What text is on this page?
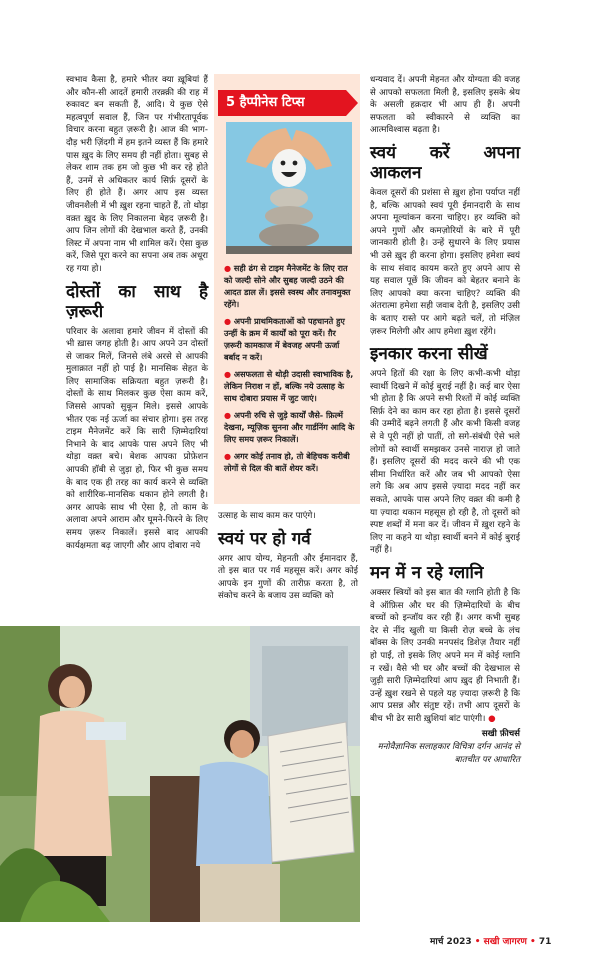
स्वभाव कैसा है, हमारे भीतर क्या ख़ूबियां हैं और कौन-सी आदतें हमारी तरक़्क़ी की राह में रुकावट बन सकती हैं, आदि। ये कुछ ऐसे महत्वपूर्ण सवाल हैं, जिन पर गंभीरतापूर्वक विचार करना बहुत ज़रूरी है। आज की भाग-दौड़ भरी ज़िंदगी में हम इतने व्यस्त हैं कि हमारे पास ख़ुद के लिए समय ही नहीं होता। सुबह से लेकर शाम तक हम जो कुछ भी कर रहे होते हैं, उनमें से अधिकतर कार्य सिर्फ़ दूसरों के लिए ही होते हैं। अगर आप इस व्यस्त जीवनशैली में भी ख़ुश रहना चाहते हैं, तो थोड़ा वक़्त ख़ुद के लिए निकालना बेहद ज़रूरी है। आप जिन लोगों की देखभाल करते हैं, उनकी लिस्ट में अपना नाम भी शामिल करें। ऐसा कुछ करें, जिसे पूरा करने का सपना अब तक अधूरा रह गया हो।

दोस्तों का साथ है ज़रूरी

परिवार के अलावा हमारे जीवन में दोस्तों की भी ख़ास जगह होती है। आप अपने उन दोस्तों से जाकर मिलें, जिनसे लंबे अरसे से आपकी मुलाक़ात नहीं हो पाई है। मानसिक सेहत के लिए सामाजिक सक्रियता बहुत ज़रूरी है। दोस्तों के साथ मिलकर कुछ ऐसा काम करें, जिससे आपको सुकून मिले। इससे आपके भीतर एक नई ऊर्जा का संचार होगा। इस तरह टाइम मैनेजमेंट करें कि सारी ज़िम्मेदारियां निभाने के बाद आपके पास अपने लिए भी थोड़ा वक़्त बचे। बेशक आपका प्रोफ़ेशन आपकी हॉबी से जुड़ा हो, फिर भी कुछ समय के बाद एक ही तरह का कार्य करने से व्यक्ति को शारीरिक-मानसिक थकान होने लगती है। अगर आपके साथ भी ऐसा है, तो काम के अलावा अपने आराम और घूमने-फिरने के लिए समय ज़रूर निकालें। इससे बाद आपकी कार्यक्षमता बढ़ जाएगी और आप दोबारा नये

5 हैप्पीनेस टिप्स
● सही ढंग से टाइम मैनेजमेंट के लिए रात को जल्दी सोने और सुबह जल्दी उठने की आदत डाल लें। इससे स्वस्थ और तनावमुक्त रहेंगे।
● अपनी प्राथमिकताओं को पहचानते हुए उन्हीं के क्रम में कार्यों को पूरा करें। ग़ैर ज़रूरी कामकाज में बेवजह अपनी ऊर्जा बर्बाद न करें।
● असफलता से थोड़ी उदासी स्वाभाविक है, लेकिन निराश न हों, बल्कि नये उत्साह के साथ दोबारा प्रयास में जुट जाएं।
● अपनी रुचि से जुड़े कार्यों जैसे- फ़िल्में देखना, म्यूज़िक सुनना और गार्डनिंग आदि के लिए समय ज़रूर निकालें।
● अगर कोई तनाव हो, तो बेहिचक करीबी लोगों से दिल की बातें शेयर करें।

उत्साह के साथ काम कर पाएंगे।

स्वयं पर हो गर्व

अगर आप योग्य, मेहनती और ईमानदार हैं, तो इस बात पर गर्व महसूस करें। अगर कोई आपके इन गुणों की तारीफ़ करता है, तो संकोच करने के बजाय उस व्यक्ति को

धन्यवाद दें। अपनी मेहनत और योग्यता की वजह से आपको सफलता मिली है, इसलिए इसके श्रेय के असली हक़दार भी आप ही हैं। अपनी सफलता को स्वीकारने से व्यक्ति का आत्मविश्वास बढ़ता है।

स्वयं करें अपना आकलन

केवल दूसरों की प्रशंसा से ख़ुश होना पर्याप्त नहीं है, बल्कि आपको स्वयं पूरी ईमानदारी के साथ अपना मूल्यांकन करना चाहिए। हर व्यक्ति को अपने गुणों और कमज़ोरियों के बारे में पूरी जानकारी होती है। उन्हें सुधारने के लिए प्रयास भी उसे ख़ुद ही करना होगा। इसलिए हमेशा स्वयं के साथ संवाद कायम करते हुए अपने आप से यह सवाल पूछें कि जीवन को बेहतर बनाने के लिए आपको क्या करना चाहिए? व्यक्ति की अंतरात्मा हमेशा सही जवाब देती है, इसलिए उसी के बताए रास्ते पर आगे बढ़ते चलें, तो मंज़िल ज़रूर मिलेगी और आप हमेशा ख़ुश रहेंगे।

इनकार करना सीखें

अपने हितों की रक्षा के लिए कभी-कभी थोड़ा स्वार्थी दिखने में कोई बुराई नहीं है। कई बार ऐसा भी होता है कि अपने सभी रिश्तों में कोई व्यक्ति सिर्फ़ देने का काम कर रहा होता है। इससे दूसरों की उम्मीदें बढ़ने लगती हैं और कभी किसी वजह से वे पूरी नहीं हो पातीं, तो सगे-संबंधी ऐसे भले लोगों को स्वार्थी समझकर उनसे नाराज़ हो जाते हैं। इसलिए दूसरों की मदद करने की भी एक सीमा निर्धारित करें और जब भी आपको ऐसा लगे कि अब आप इससे ज़्यादा मदद नहीं कर सकते, आपके पास अपने लिए वक़्त की कमी है या ज़्यादा थकान महसूस हो रही है, तो दूसरों को स्पष्ट शब्दों में मना कर दें। जीवन में ख़ुश रहने के लिए ना कहने या थोड़ा स्वार्थी बनने में कोई बुराई नहीं है।

मन में न रहे ग्लानि

अक्सर स्त्रियों को इस बात की ग्लानि होती है कि वे ऑफ़िस और घर की ज़िम्मेदारियों के बीच बच्चों को इन्जॉय कर रही हैं। अगर कभी सुबह देर से नींद खुली या किसी रोज़ बच्चे के लंच बॉक्स के लिए उनकी मनपसंद डिशेज़ तैयार नहीं हो पाईं, तो इसके लिए अपने मन में कोई ग्लानि न रखें। वैसे भी घर और बच्चों की देखभाल से जुड़ी सारी ज़िम्मेदारियां आप ख़ुद ही निभाती हैं। उन्हें ख़ुश रखने से पहले यह ज़्यादा ज़रूरी है कि आप प्रसन्न और संतुष्ट रहें। तभी आप दूसरों के बीच भी ढेर सारी ख़ुशियां बांट पाएंगी। ●

सखी फ़ीचर्स
मनोवैज्ञानिक सलाहकार विचित्रा दर्गन आनंद से बातचीत पर आधारित
मार्च 2023 • सखी जागरण • 71
